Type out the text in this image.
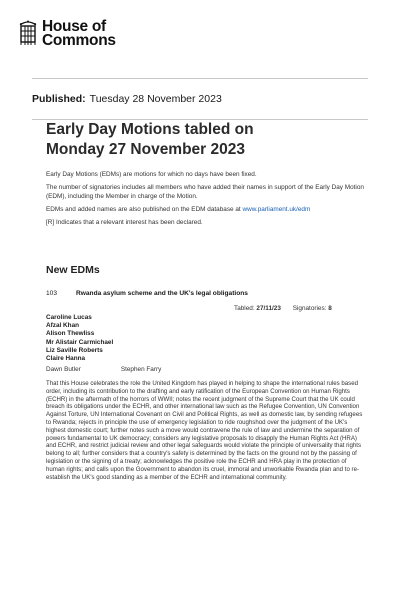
House of
Commons
Published: Tuesday 28 November 2023
Early Day Motions tabled on
Monday 27 November 2023

Early Day Motions (EDMs) are motions for which no days have been fixed.

The number of signatories includes all members who have added their names in support of the Early Day Motion (EDM), including the Member in charge of the Motion.

EDMs and added names are also published on the EDM database at www.parliament.uk/edm

[R] Indicates that a relevant interest has been declared.

New EDMs
103	Rwanda asylum scheme and the UK's legal obligations
Tabled: 27/11/23 Signatories: 8
Caroline Lucas
Afzal Khan
Alison Thewliss
Mr Alistair Carmichael
Liz Saville Roberts
Claire Hanna
Dawn Butler	Stephen Farry
That this House celebrates the role the United Kingdom has played in helping to shape the international rules based order, including its contribution to the drafting and early ratification of the European Convention on Human Rights (ECHR) in the aftermath of the horrors of WWII; notes the recent judgment of the Supreme Court that the UK could breach its obligations under the ECHR, and other international law such as the Refugee Convention, UN Convention Against Torture, UN International Covenant on Civil and Political Rights, as well as domestic law, by sending refugees to Rwanda; rejects in principle the use of emergency legislation to ride roughshod over the judgment of the UK's highest domestic court; further notes such a move would contravene the rule of law and undermine the separation of powers fundamental to UK democracy; considers any legislative proposals to disapply the Human Rights Act (HRA) and ECHR, and restrict judicial review and other legal safeguards would violate the principle of universality that rights belong to all; further considers that a country's safety is determined by the facts on the ground not by the passing of legislation or the signing of a treaty; acknowledges the positive role the ECHR and HRA play in the protection of human rights; and calls upon the Government to abandon its cruel, immoral and unworkable Rwanda plan and to re-establish the UK's good standing as a member of the ECHR and international community.
